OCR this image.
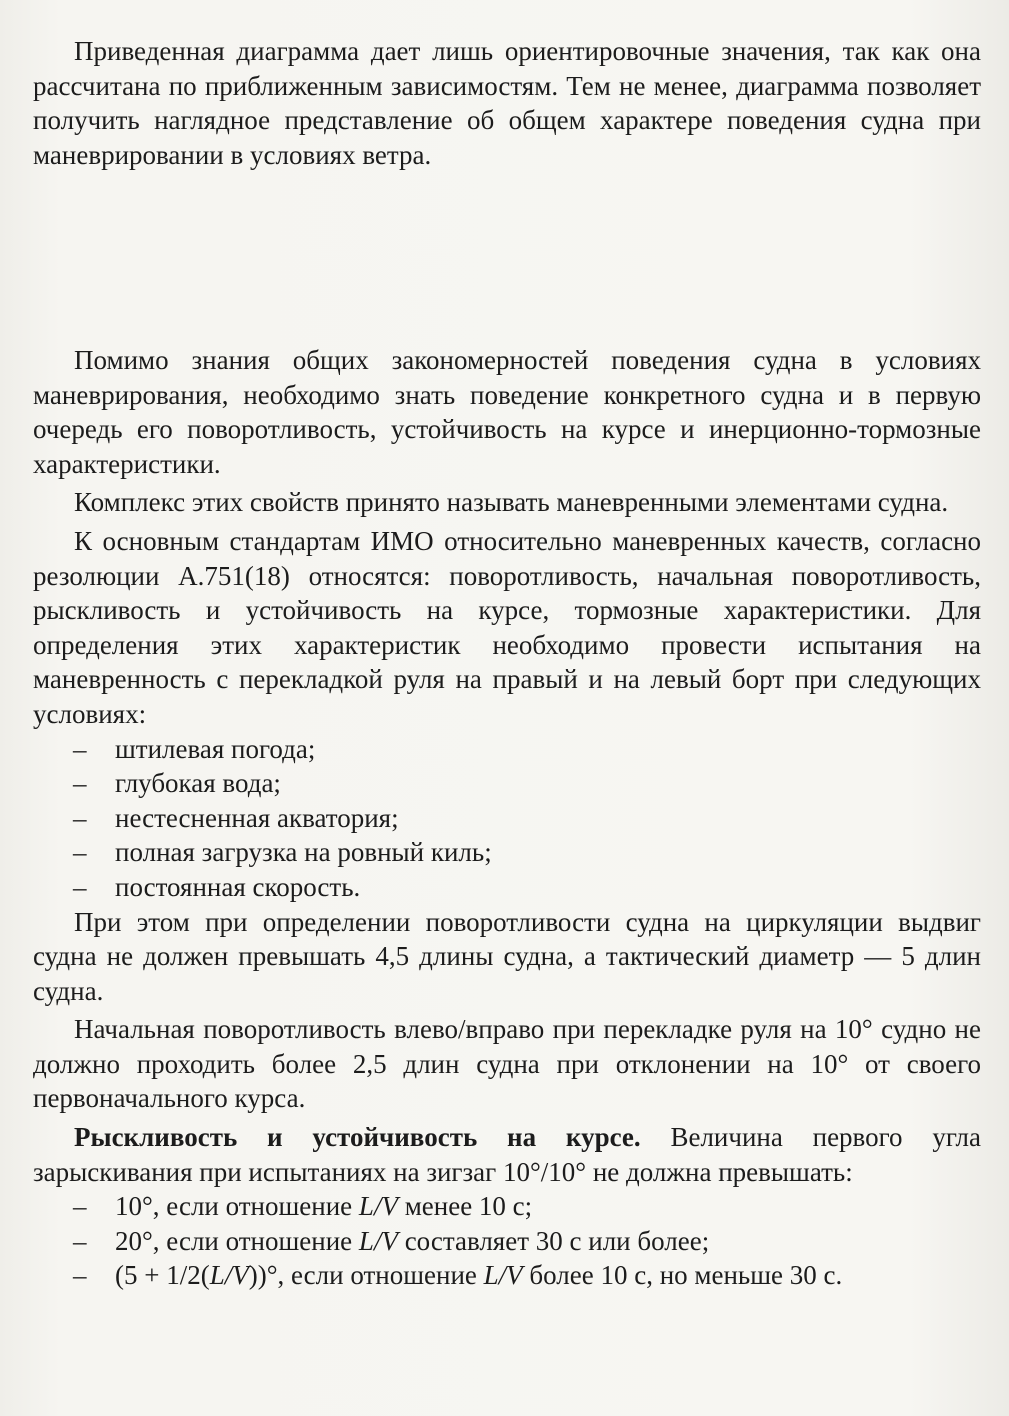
Приведенная диаграмма дает лишь ориентировочные значения, так как она рассчитана по приближенным зависимостям. Тем не менее, диаграмма позволяет получить наглядное представление об общем характере поведения судна при маневрировании в условиях ветра.

Помимо знания общих закономерностей поведения судна в условиях маневрирования, необходимо знать поведение конкретного судна и в первую очередь его поворотливость, устойчивость на курсе и инерционно-тормозные характеристики.

Комплекс этих свойств принято называть маневренными элементами судна.

К основным стандартам ИМО относительно маневренных качеств, согласно резолюции А.751(18) относятся: поворотливость, начальная поворотливость, рыскливость и устойчивость на курсе, тормозные характеристики. Для определения этих характеристик необходимо провести испытания на маневренность с перекладкой руля на правый и на левый борт при следующих условиях:

– штилевая погода;
– глубокая вода;
– нестесненная акватория;
– полная загрузка на ровный киль;
– постоянная скорость.

При этом при определении поворотливости судна на циркуляции выдвиг судна не должен превышать 4,5 длины судна, а тактический диаметр — 5 длин судна.

Начальная поворотливость влево/вправо при перекладке руля на 10° судно не должно проходить более 2,5 длин судна при отклонении на 10° от своего первоначального курса.

Рыскливость и устойчивость на курсе. Величина первого угла зарыскивания при испытаниях на зигзаг 10°/10° не должна превышать:

– 10°, если отношение L/V менее 10 с;
– 20°, если отношение L/V составляет 30 с или более;
– (5 + 1/2(L/V))°, если отношение L/V более 10 с, но меньше 30 с.
